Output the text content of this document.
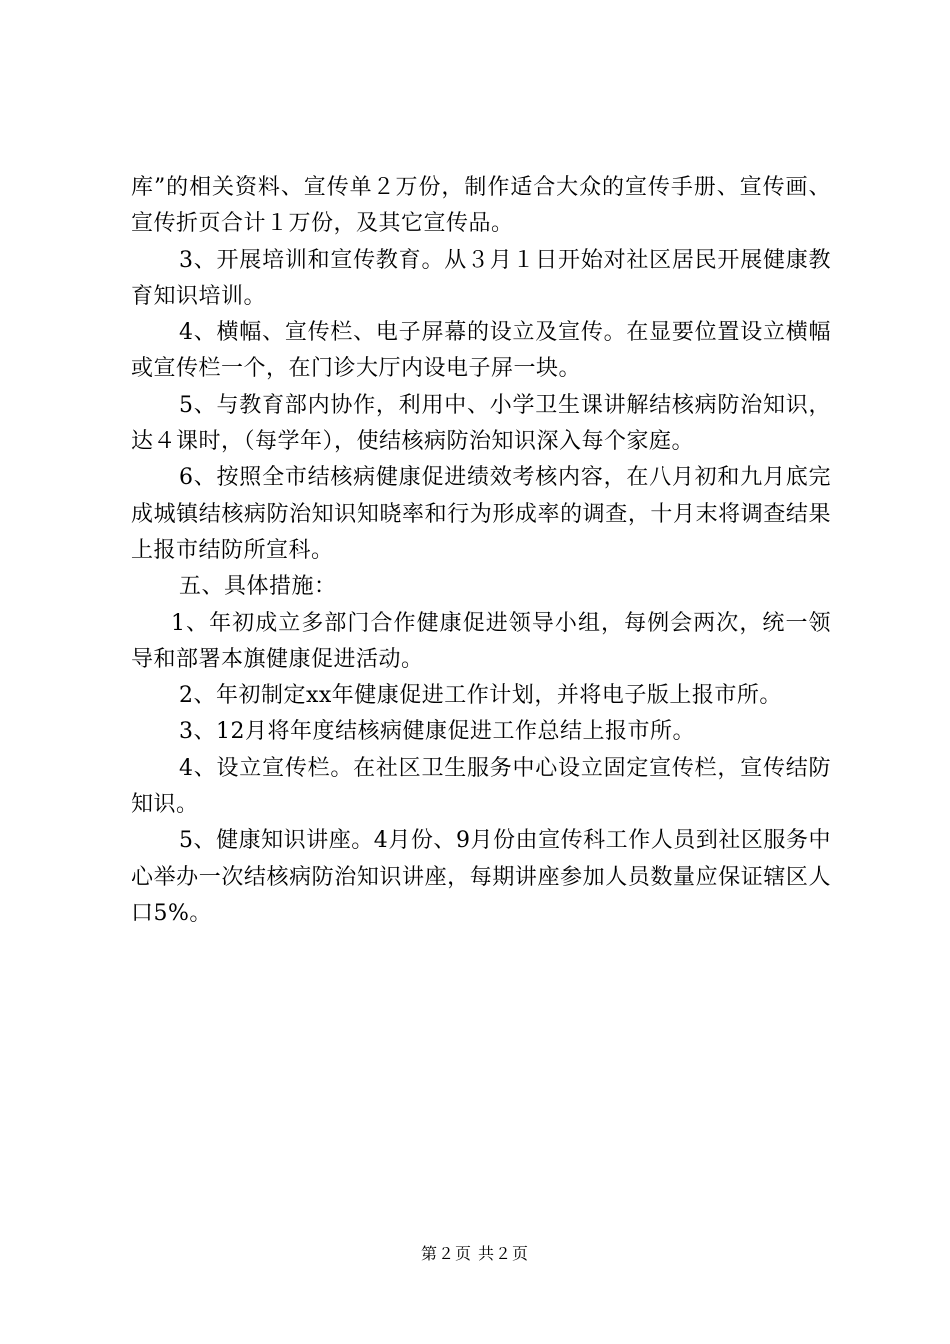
库”的相关资料、宣传单２万份，制作适合大众的宣传手册、宣传画、宣传折页合计１万份，及其它宣传品。

3、开展培训和宣传教育。从３月１日开始对社区居民开展健康教育知识培训。

4、横幅、宣传栏、电子屏幕的设立及宣传。在显要位置设立横幅或宣传栏一个，在门诊大厅内设电子屏一块。

5、与教育部内协作，利用中、小学卫生课讲解结核病防治知识，达４课时，（每学年），使结核病防治知识深入每个家庭。

6、按照全市结核病健康促进绩效考核内容，在八月初和九月底完成城镇结核病防治知识知晓率和行为形成率的调查，十月末将调查结果上报市结防所宣科。

五、具体措施：

1、年初成立多部门合作健康促进领导小组，每例会两次，统一领导和部署本旗健康促进活动。

2、年初制定xx年健康促进工作计划，并将电子版上报市所。

3、12月将年度结核病健康促进工作总结上报市所。

4、设立宣传栏。在社区卫生服务中心设立固定宣传栏，宣传结防知识。

5、健康知识讲座。4月份、9月份由宣传科工作人员到社区服务中心举办一次结核病防治知识讲座，每期讲座参加人员数量应保证辖区人口5%。

第２页 共２页
